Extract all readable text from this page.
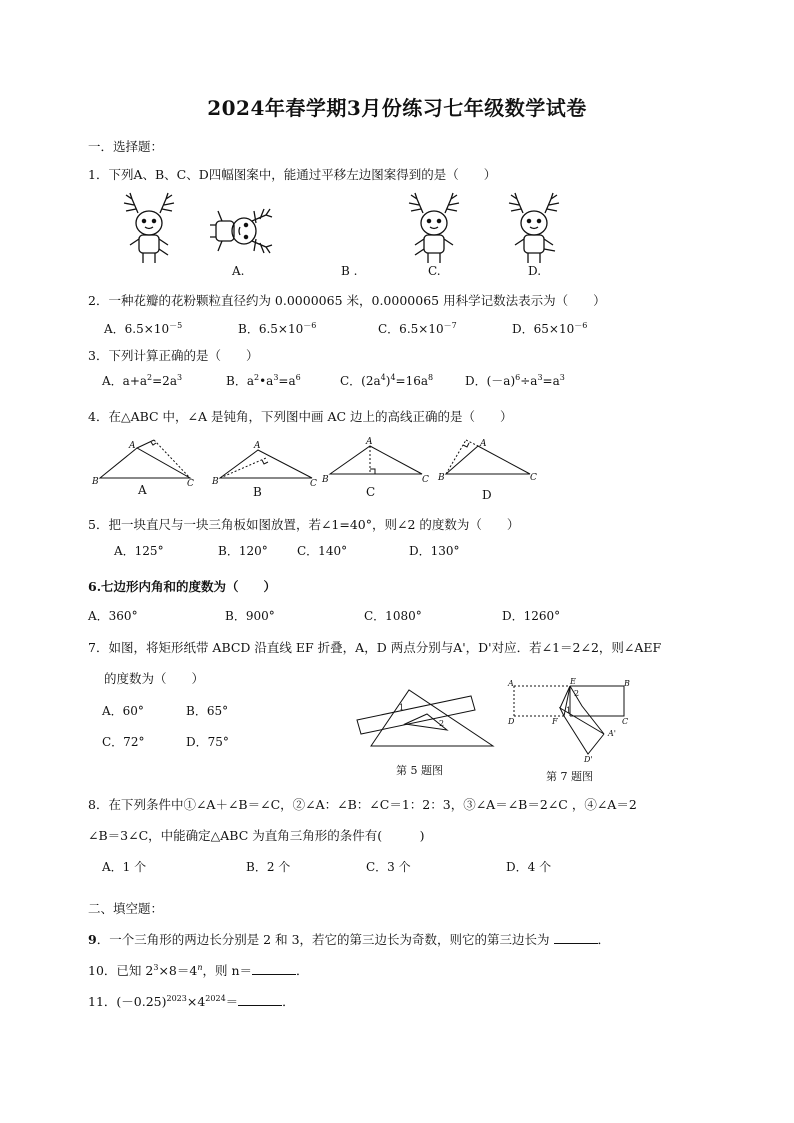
2024年春学期3月份练习七年级数学试卷
一．选择题：
1．下列A、B、C、D四幅图案中，能通过平移左边图案得到的是（　　）
A.	B .	C.	D.
2．一种花瓣的花粉颗粒直径约为 0.0000065 米，0.0000065 用科学记数法表示为（　　）
A．$6.5\times 10^{-5}$	B．$6.5\times 10^{-6}$	C．$6.5\times 10^{-7}$	D．$65\times 10^{-6}$
3．下列计算正确的是（　　）
A．$a+a^2=2a^3$	B．$a^2•a^3=a^6$	C．$(2a^4)^4=16a^8$	D．$(-a)^6\div a^3=a^3$
4．在△ABC 中，∠A 是钝角，下列图中画 AC 边上的高线正确的是（　　）
A
B	C
A
B	C
A
B	C
A
B	C
A	B	C	D
5．把一块直尺与一块三角板如图放置，若∠1=40°，则∠2 的度数为（　　）
A．125°	B．120° C．140°	D．130°
6.七边形内角和的度数为（　　）
A．360°	B．900°	C．1080°	D．1260°
7．如图，将矩形纸带 ABCD 沿直线 EF 折叠，A，D 两点分别与A'，D'对应．若∠1＝2∠2，则∠AEF
的度数为（　　）
A．60°	B．65°
C．72°	D．75°
1
2
第 5 题图
A	E	B
2
D	F
1
C
A'
D'
第 7 题图
8．在下列条件中①∠A＋∠B＝∠C，②∠A：∠B：∠C＝1：2：3，③∠A＝∠B＝2∠C ，④∠A＝2
∠B＝3∠C，中能确定△ABC 为直角三角形的条件有(　　　)
A．1 个	B．2 个	C．3 个	D．4 个
二、填空题：
9．一个三角形的两边长分别是 2 和 3，若它的第三边长为奇数，则它的第三边长为	．
10．已知 $2^3\times 8=4^n$，则 n＝	．
11．$(-0.25)^{2023}\times 4^{2024}=$	．
